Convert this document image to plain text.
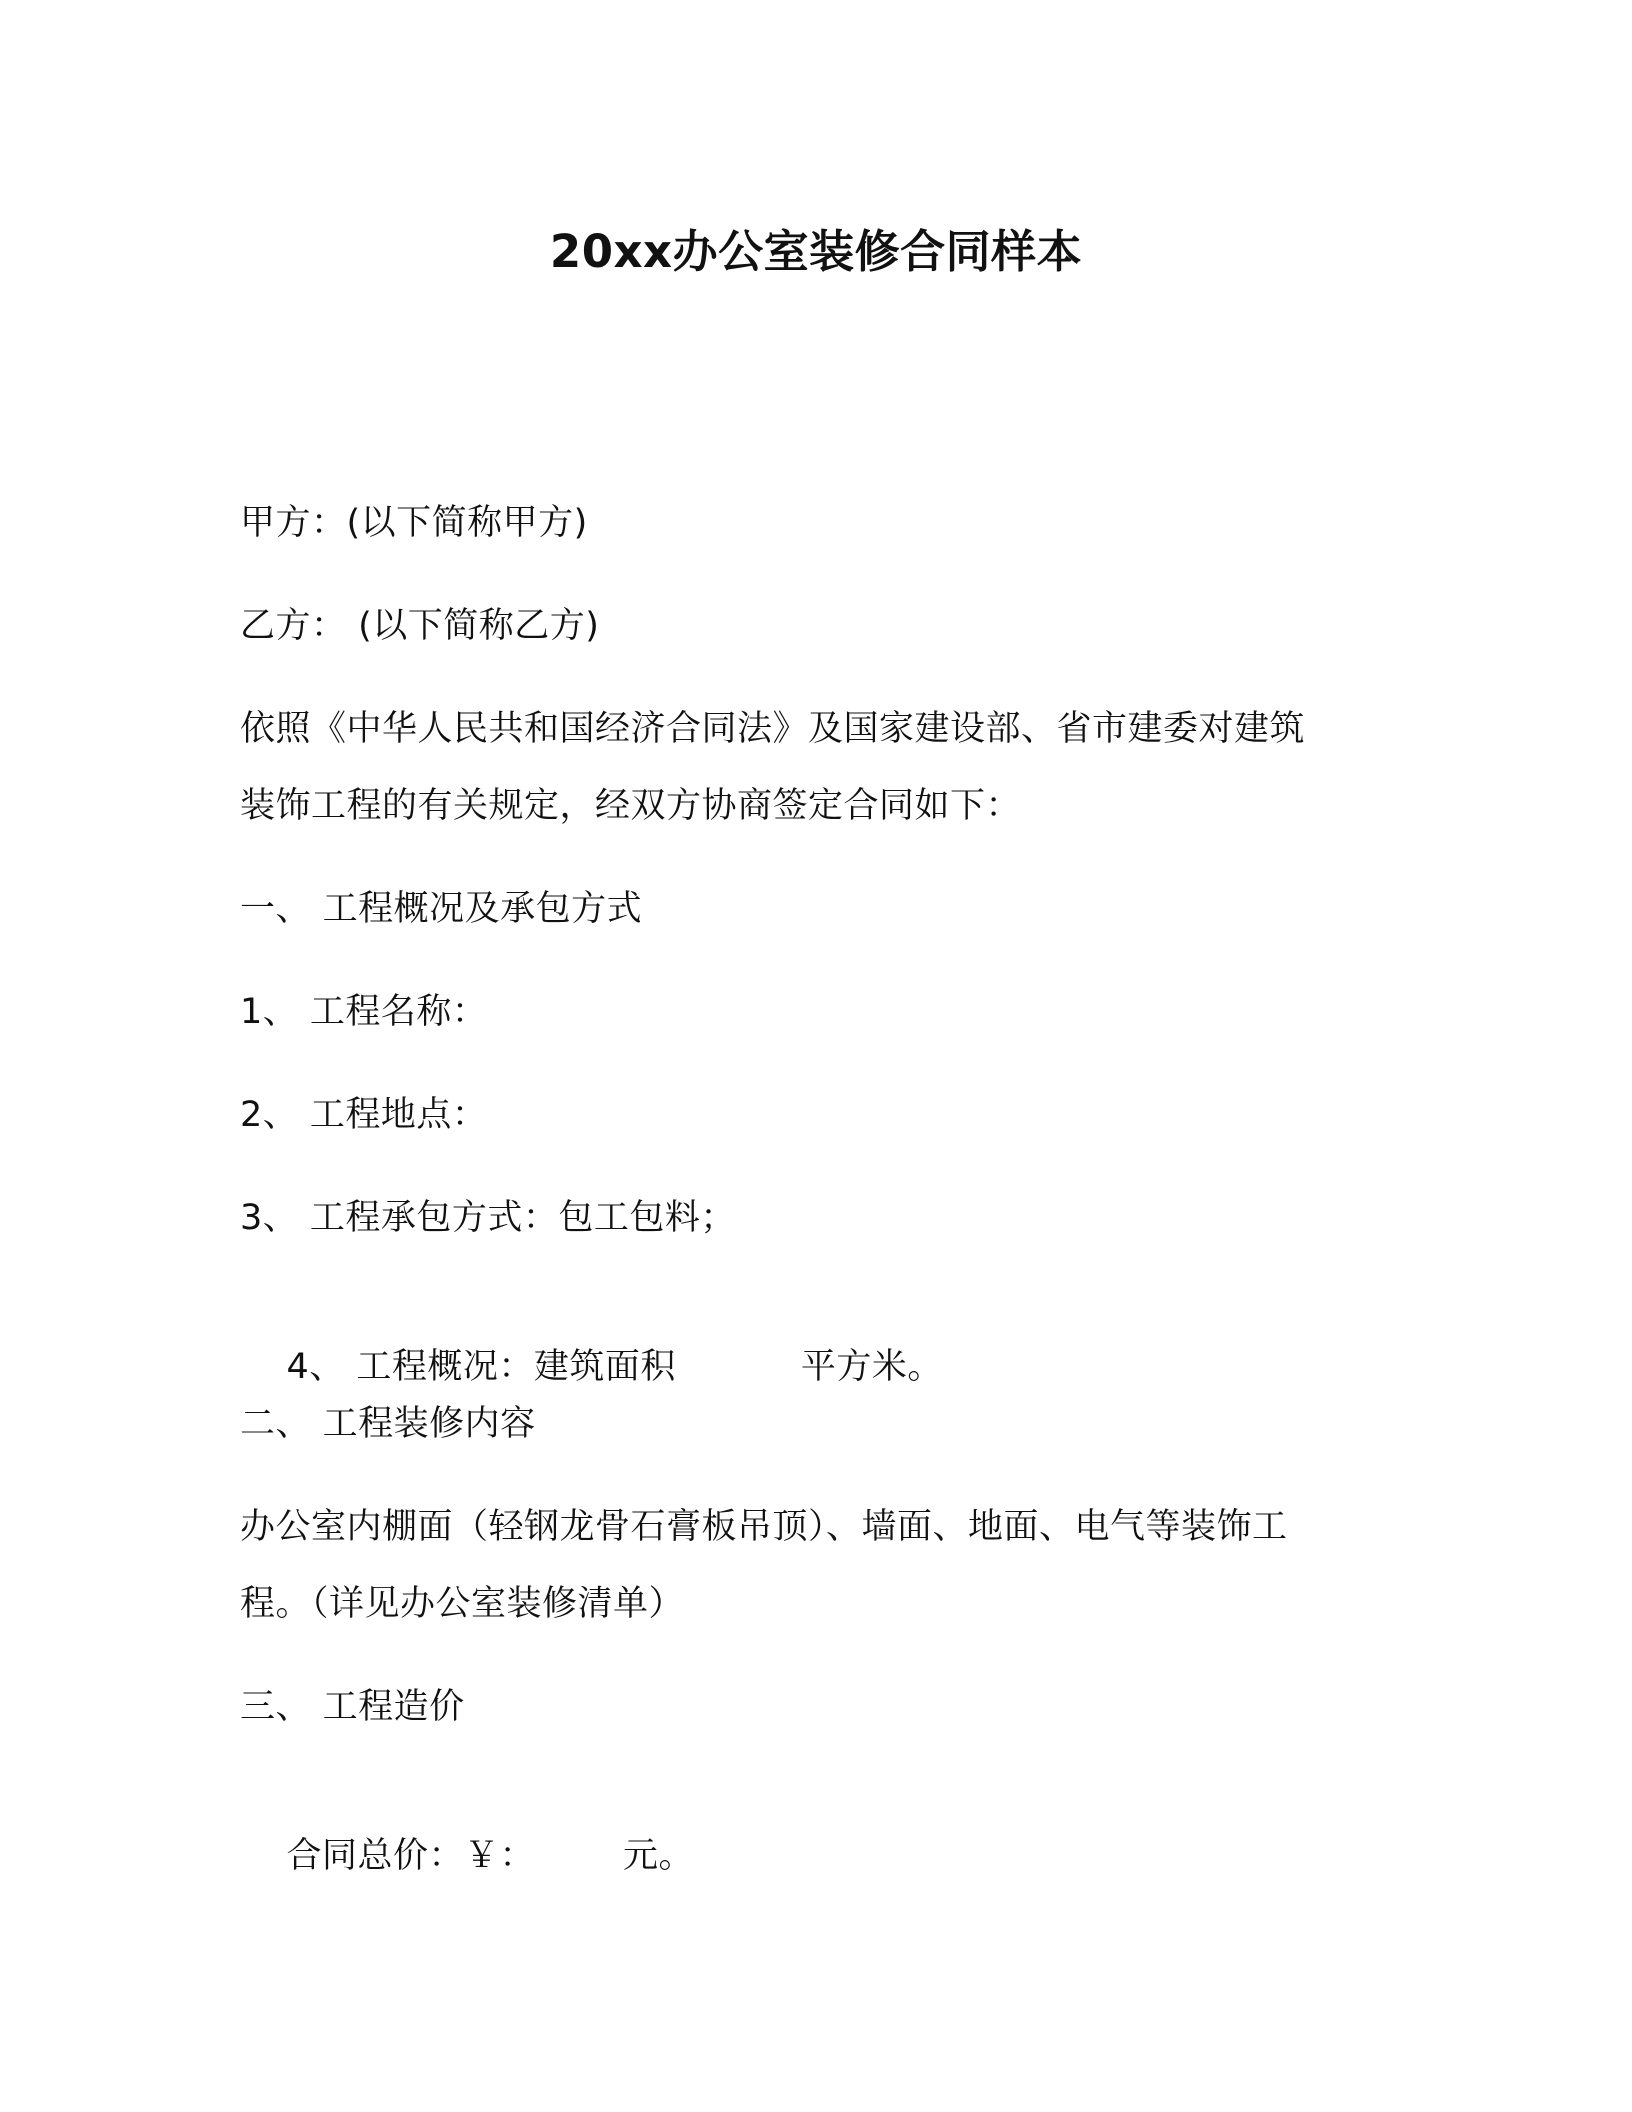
20xx办公室装修合同样本
甲方：(以下简称甲方)
乙方： (以下简称乙方)
依照《中华人民共和国经济合同法》及国家建设部、省市建委对建筑
装饰工程的有关规定，经双方协商签定合同如下：
一、 工程概况及承包方式
1、 工程名称：
2、 工程地点：
3、 工程承包方式：包工包料；

4、 工程概况：建筑面积	平方米。

二、 工程装修内容
办公室内棚面（轻钢龙骨石膏板吊顶）、墙面、地面、电气等装饰工
程。（详见办公室装修清单）
三、 工程造价

合同总价：￥：	元。
